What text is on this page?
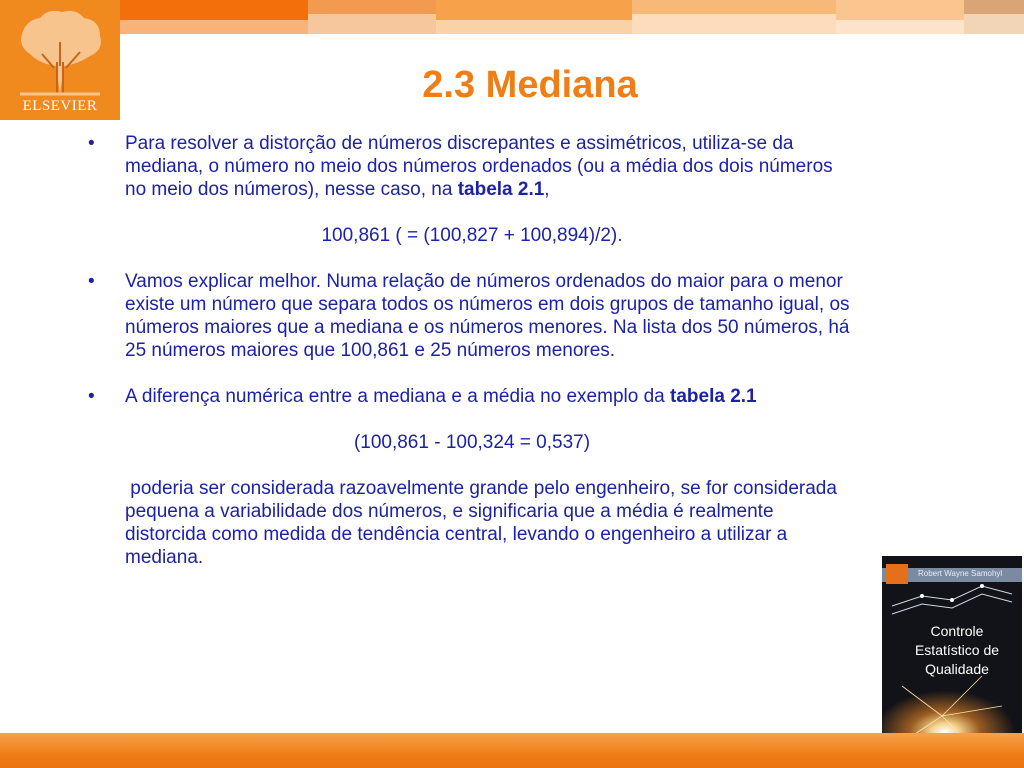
ELSEVIER	2.3 Mediana
• Para resolver a distorção de números discrepantes e assimétricos, utiliza-se da mediana, o número no meio dos números ordenados (ou a média dos dois números no meio dos números), nesse caso, na tabela 2.1,
100,861 ( = (100,827 + 100,894)/2).
• Vamos explicar melhor. Numa relação de números ordenados do maior para o menor existe um número que separa todos os números em dois grupos de tamanho igual, os números maiores que a mediana e os números menores. Na lista dos 50 números, há 25 números maiores que 100,861 e 25 números menores.
• A diferença numérica entre a mediana e a média no exemplo da tabela 2.1
(100,861 - 100,324 = 0,537)
poderia ser considerada razoavelmente grande pelo engenheiro, se for considerada pequena a variabilidade dos números, e significaria que a média é realmente distorcida como medida de tendência central, levando o engenheiro a utilizar a mediana.
Robert Wayne Samohyl
Controle Estatístico de Qualidade
